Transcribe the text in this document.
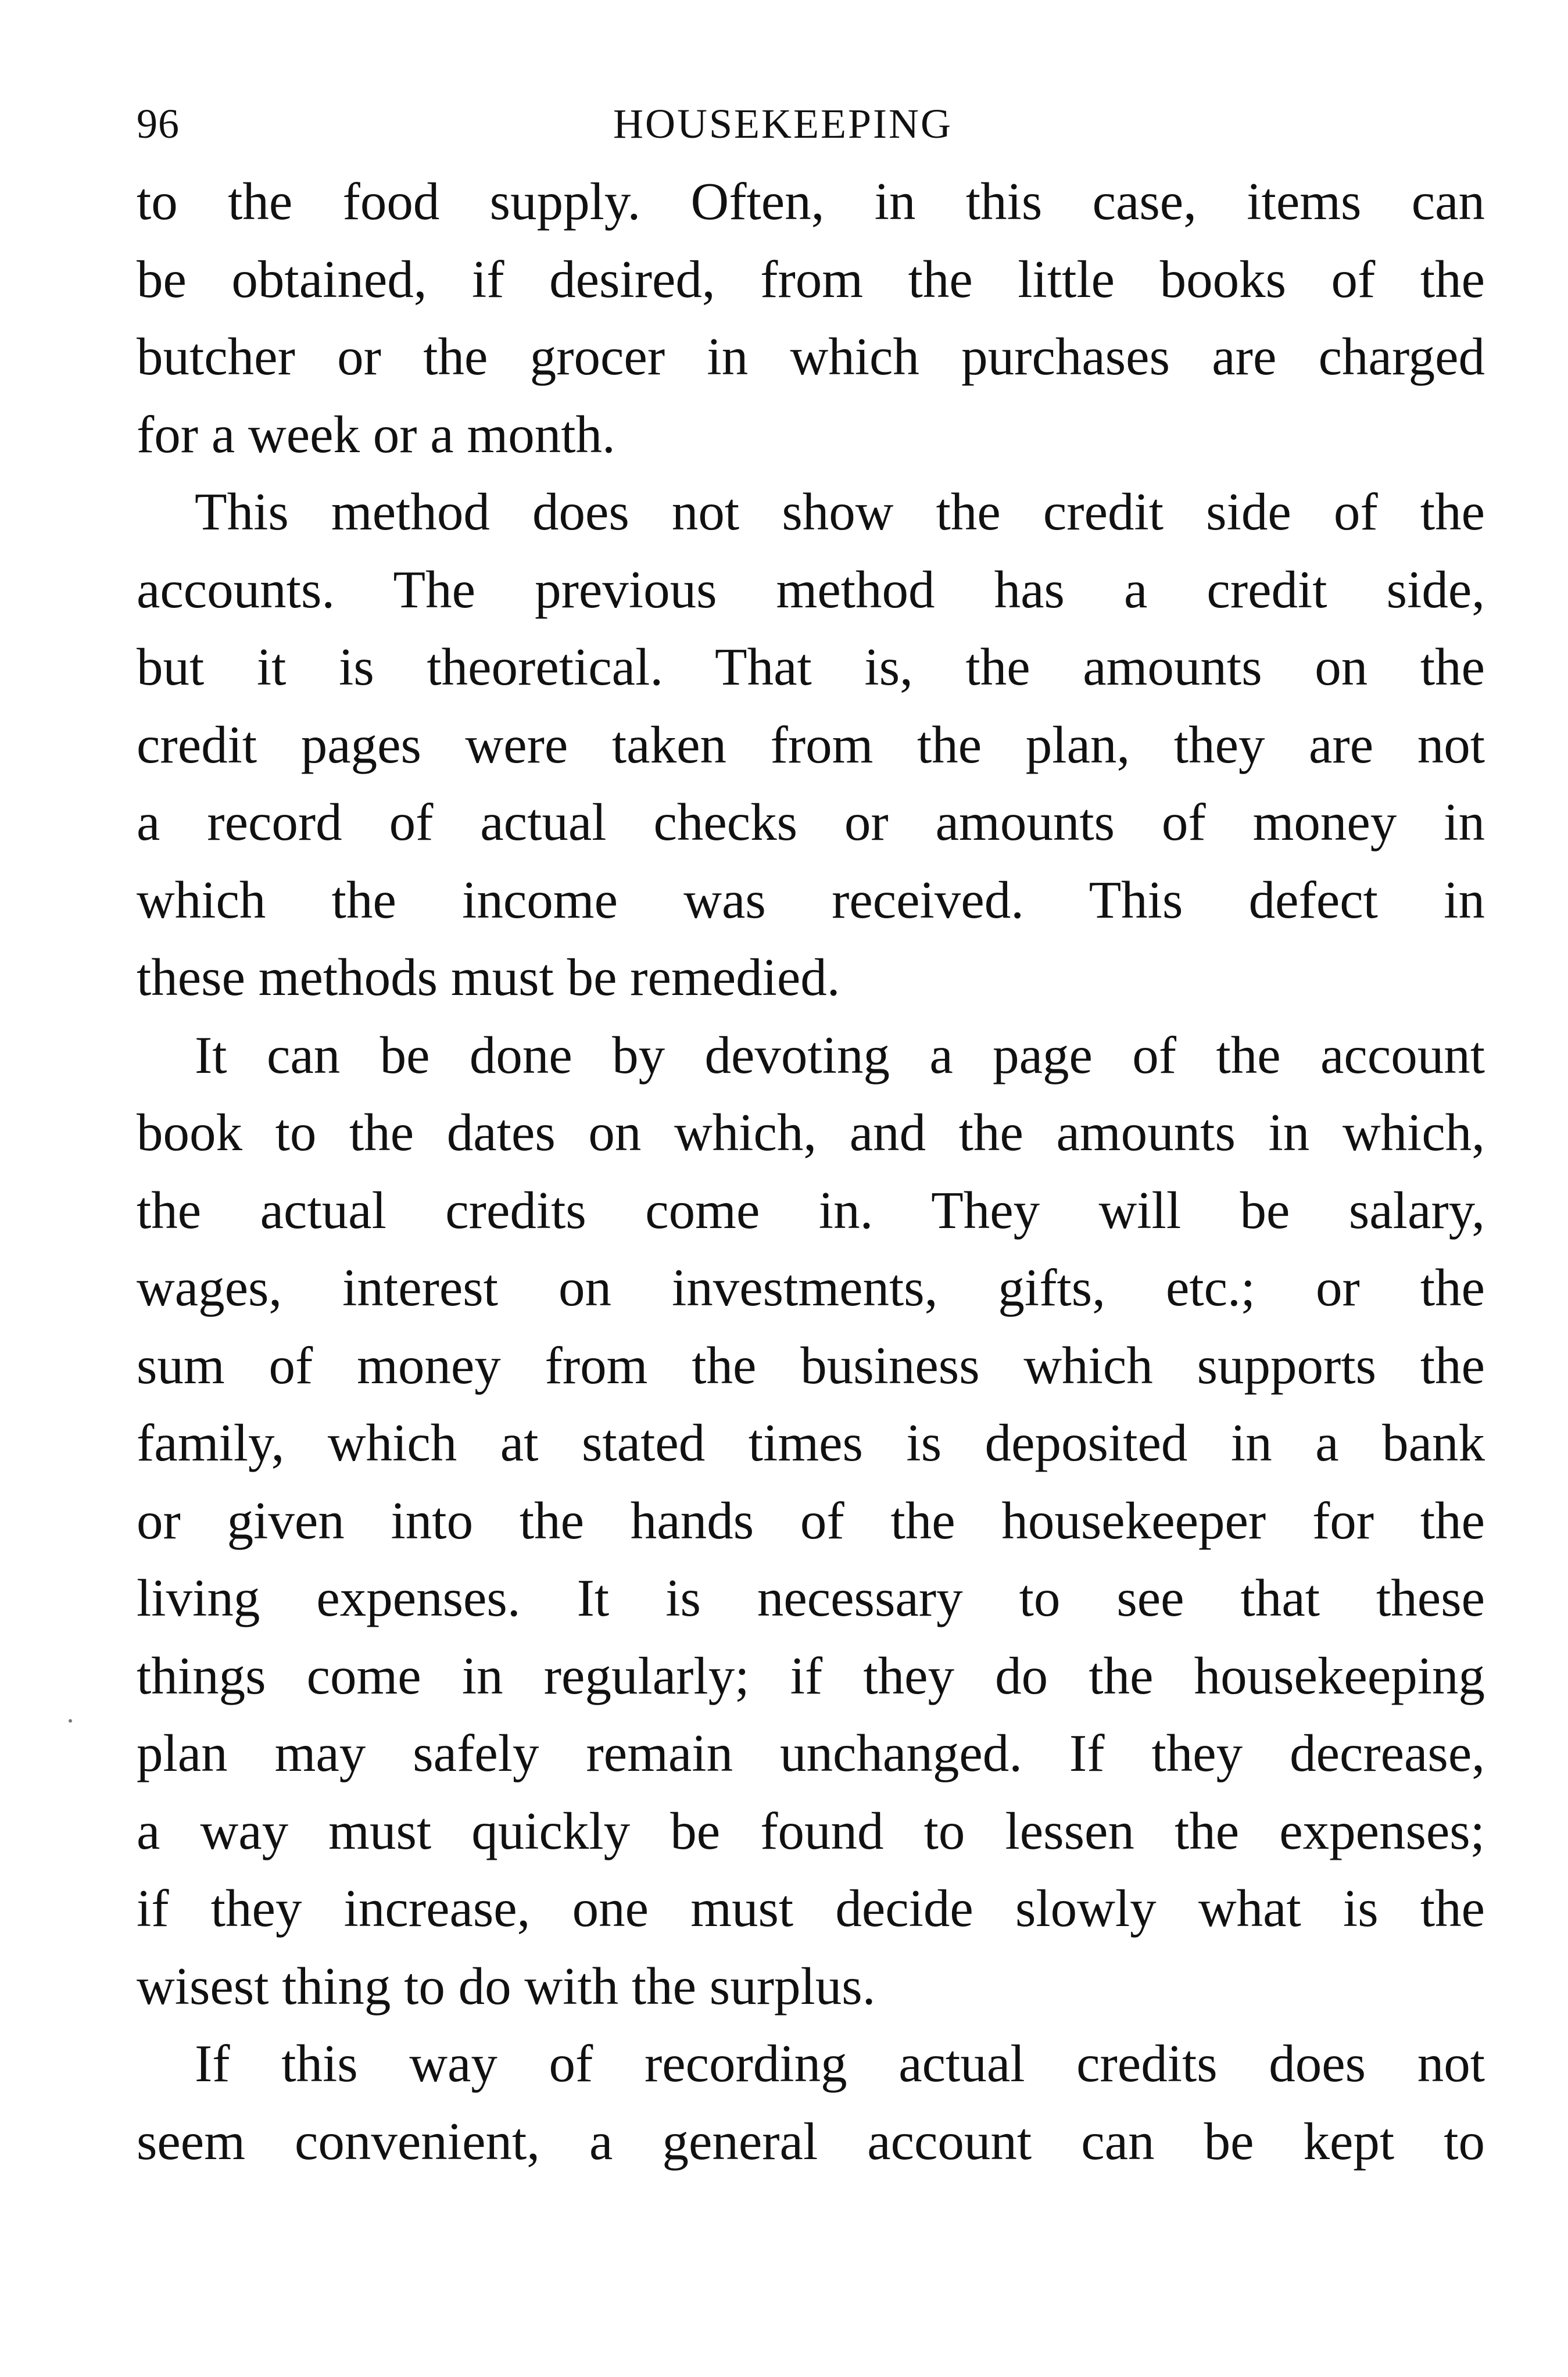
96	HOUSEKEEPING
to the food supply. Often, in this case, items can
be obtained, if desired, from the little books of the
butcher or the grocer in which purchases are charged
for a week or a month.
This method does not show the credit side of the
accounts. The previous method has a credit side,
but it is theoretical. That is, the amounts on the
credit pages were taken from the plan, they are not
a record of actual checks or amounts of money in
which the income was received. This defect in
these methods must be remedied.
It can be done by devoting a page of the account
book to the dates on which, and the amounts in which,
the actual credits come in. They will be salary,
wages, interest on investments, gifts, etc.; or the
sum of money from the business which supports the
family, which at stated times is deposited in a bank
or given into the hands of the housekeeper for the
living expenses. It is necessary to see that these
things come in regularly; if they do the housekeeping
plan may safely remain unchanged. If they decrease,
a way must quickly be found to lessen the expenses;
if they increase, one must decide slowly what is the
wisest thing to do with the surplus.
If this way of recording actual credits does not
seem convenient, a general account can be kept to
